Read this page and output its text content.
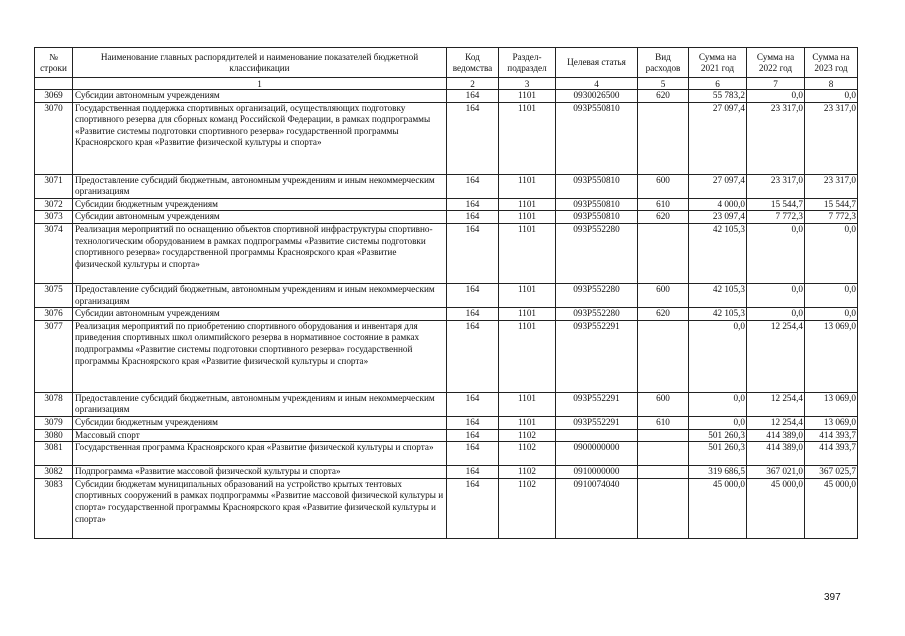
№ строки	Наименование главных распорядителей и наименование показателей бюджетной классификации	Код ведомства	Раздел-подраздел	Целевая статья	Вид расходов	Сумма на 2021 год	Сумма на 2022 год	Сумма на 2023 год
	1	2	3	4	5	6	7	8
3069	Субсидии автономным учреждениям	164	1101	0930026500	620	55 783,2	0,0	0,0
3070	Государственная поддержка спортивных организаций, осуществляющих подготовку спортивного резерва для сборных команд Российской Федерации, в рамках подпрограммы «Развитие системы подготовки спортивного резерва» государственной программы Красноярского края «Развитие физической культуры и спорта»	164	1101	093P550810		27 097,4	23 317,0	23 317,0
3071	Предоставление субсидий бюджетным, автономным учреждениям и иным некоммерческим организациям	164	1101	093P550810	600	27 097,4	23 317,0	23 317,0
3072	Субсидии бюджетным учреждениям	164	1101	093P550810	610	4 000,0	15 544,7	15 544,7
3073	Субсидии автономным учреждениям	164	1101	093P550810	620	23 097,4	7 772,3	7 772,3
3074	Реализация мероприятий по оснащению объектов спортивной инфраструктуры спортивно-технологическим оборудованием в рамках подпрограммы «Развитие системы подготовки спортивного резерва» государственной программы Красноярского края «Развитие физической культуры и спорта»	164	1101	093P552280		42 105,3	0,0	0,0
3075	Предоставление субсидий бюджетным, автономным учреждениям и иным некоммерческим организациям	164	1101	093P552280	600	42 105,3	0,0	0,0
3076	Субсидии автономным учреждениям	164	1101	093P552280	620	42 105,3	0,0	0,0
3077	Реализация мероприятий по приобретению спортивного оборудования и инвентаря для приведения спортивных школ олимпийского резерва в нормативное состояние в рамках подпрограммы «Развитие системы подготовки спортивного резерва» государственной программы Красноярского края «Развитие физической культуры и спорта»	164	1101	093P552291		0,0	12 254,4	13 069,0
3078	Предоставление субсидий бюджетным, автономным учреждениям и иным некоммерческим организациям	164	1101	093P552291	600	0,0	12 254,4	13 069,0
3079	Субсидии бюджетным учреждениям	164	1101	093P552291	610	0,0	12 254,4	13 069,0
3080	Массовый спорт	164	1102			501 260,3	414 389,0	414 393,7
3081	Государственная программа Красноярского края «Развитие физической культуры и спорта»	164	1102	0900000000		501 260,3	414 389,0	414 393,7
3082	Подпрограмма «Развитие массовой физической культуры и спорта»	164	1102	0910000000		319 686,5	367 021,0	367 025,7
3083	Субсидии бюджетам муниципальных образований на устройство крытых тентовых спортивных сооружений в рамках подпрограммы «Развитие массовой физической культуры и спорта» государственной программы Красноярского края «Развитие физической культуры и спорта»	164	1102	0910074040		45 000,0	45 000,0	45 000,0
397
